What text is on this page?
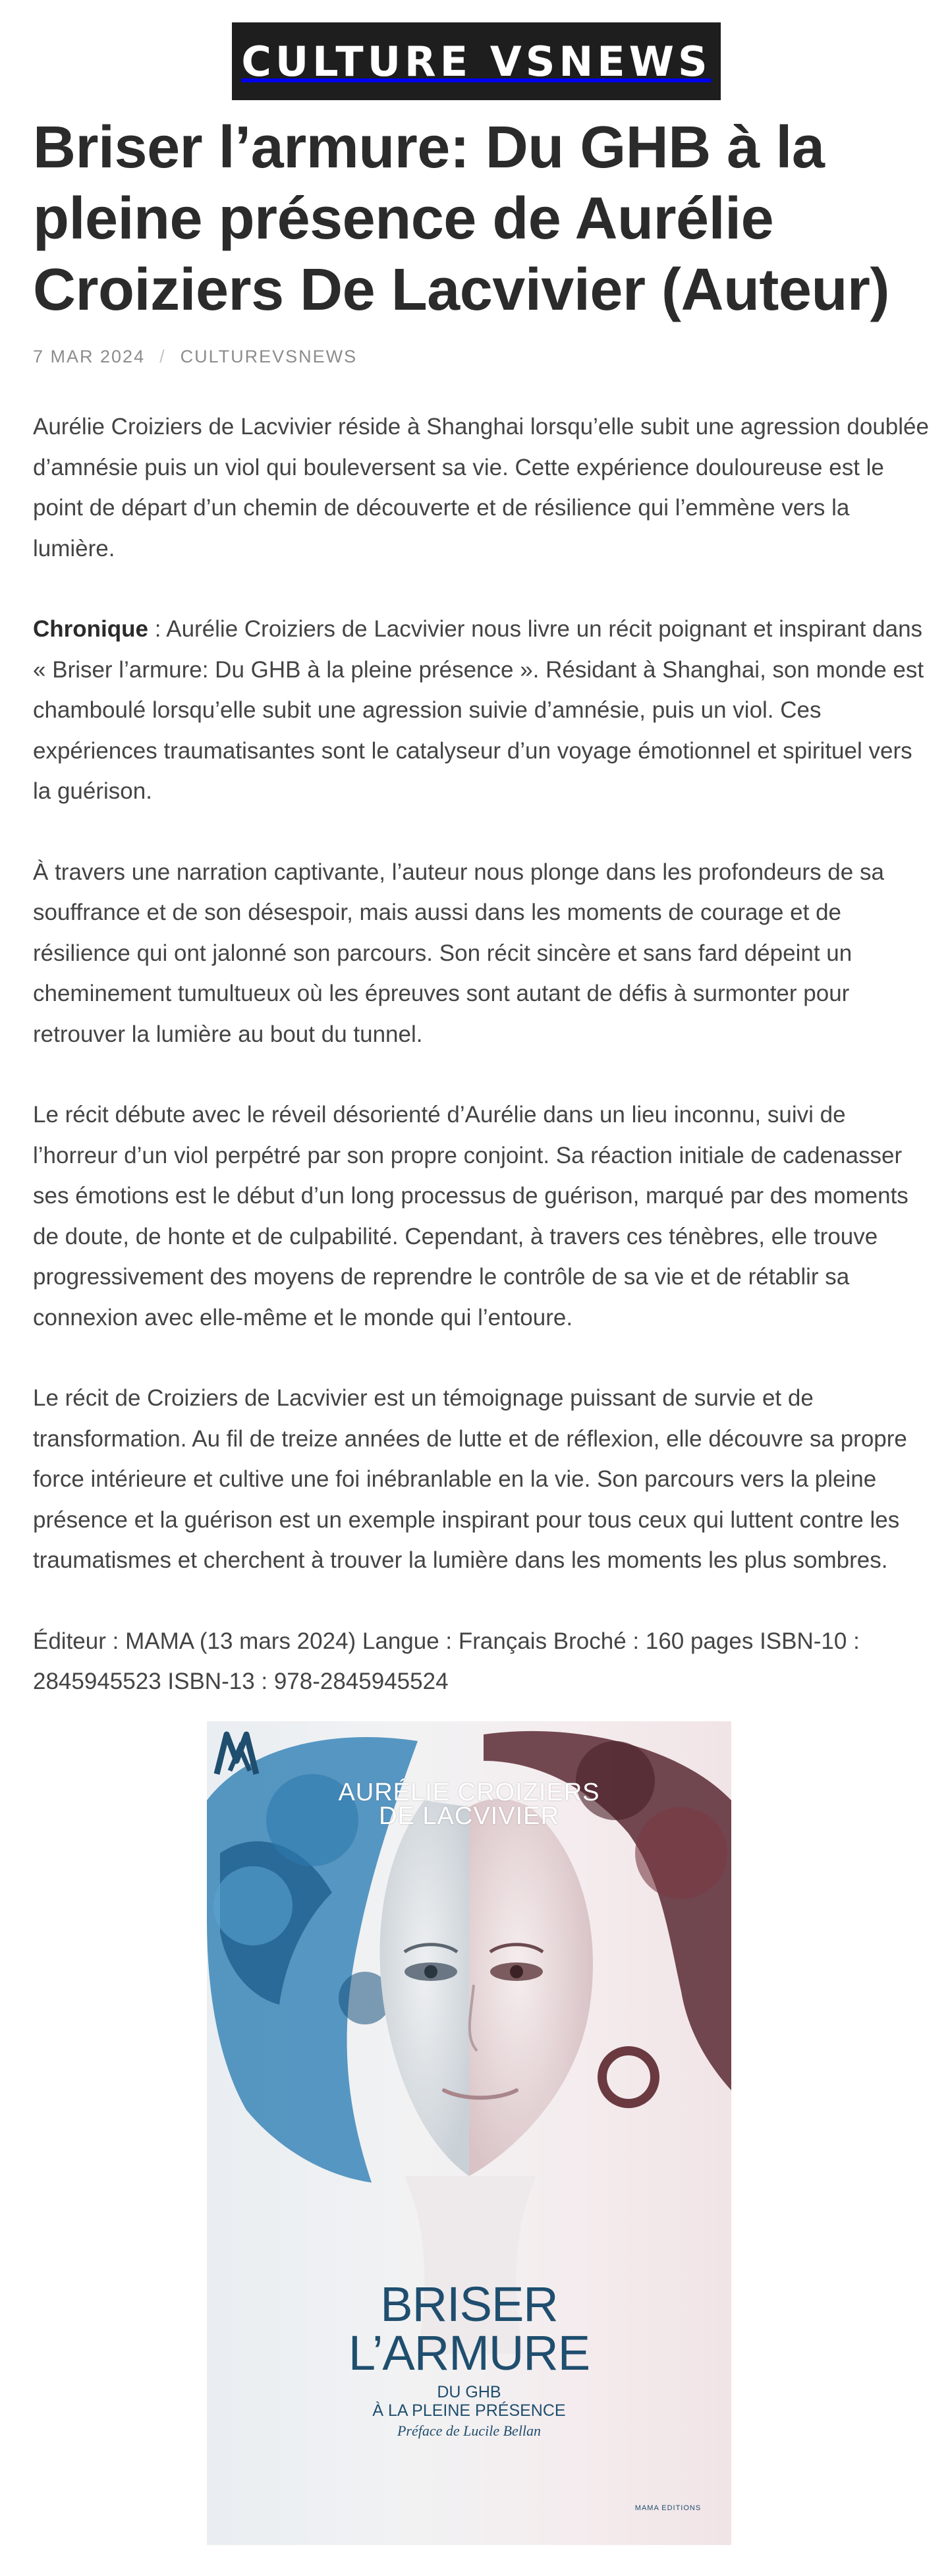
CULTURE VSNEWS
Briser l’armure: Du GHB à la pleine présence de Aurélie Croiziers De Lacvivier (Auteur)
7 MAR 2024 / CULTUREVSNEWS

Aurélie Croiziers de Lacvivier réside à Shanghai lorsqu’elle subit une agression doublée d’amnésie puis un viol qui bouleversent sa vie. Cette expérience douloureuse est le point de départ d’un chemin de découverte et de résilience qui l’emmène vers la lumière.

Chronique : Aurélie Croiziers de Lacvivier nous livre un récit poignant et inspirant dans « Briser l’armure: Du GHB à la pleine présence ». Résidant à Shanghai, son monde est chamboulé lorsqu’elle subit une agression suivie d’amnésie, puis un viol. Ces expériences traumatisantes sont le catalyseur d’un voyage émotionnel et spirituel vers la guérison.

À travers une narration captivante, l’auteur nous plonge dans les profondeurs de sa souffrance et de son désespoir, mais aussi dans les moments de courage et de résilience qui ont jalonné son parcours. Son récit sincère et sans fard dépeint un cheminement tumultueux où les épreuves sont autant de défis à surmonter pour retrouver la lumière au bout du tunnel.

Le récit débute avec le réveil désorienté d’Aurélie dans un lieu inconnu, suivi de l’horreur d’un viol perpétré par son propre conjoint. Sa réaction initiale de cadenasser ses émotions est le début d’un long processus de guérison, marqué par des moments de doute, de honte et de culpabilité. Cependant, à travers ces ténèbres, elle trouve progressivement des moyens de reprendre le contrôle de sa vie et de rétablir sa connexion avec elle-même et le monde qui l’entoure.

Le récit de Croiziers de Lacvivier est un témoignage puissant de survie et de transformation. Au fil de treize années de lutte et de réflexion, elle découvre sa propre force intérieure et cultive une foi inébranlable en la vie. Son parcours vers la pleine présence et la guérison est un exemple inspirant pour tous ceux qui luttent contre les traumatismes et cherchent à trouver la lumière dans les moments les plus sombres.

Éditeur : MAMA (13 mars 2024) Langue : Français Broché : 160 pages ISBN-10 : 2845945523 ISBN-13 : 978-2845945524

AURÉLIE CROIZIERS
DE LACVIVIER
BRISER
L’ARMURE
DU GHB
À LA PLEINE PRÉSENCE
Préface de Lucile Bellan
MAMA EDITIONS
